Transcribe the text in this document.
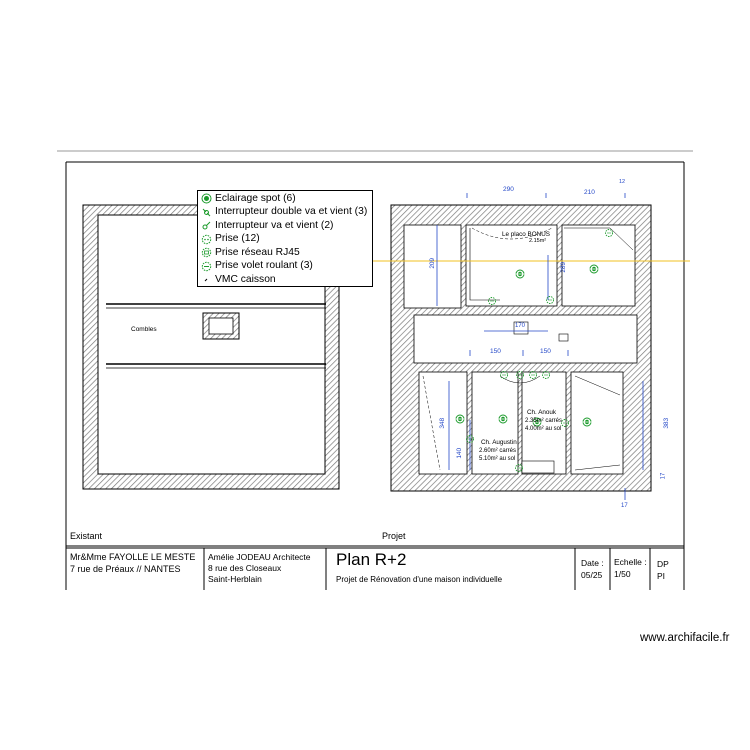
Eclairage spot (6)
Interrupteur double va et vient (3)
Interrupteur va et vient (2)
Prise (12)
Prise réseau RJ45
Prise volet roulant (3)
VMC caisson
Combles
Existant	Projet
290	210
12
209	289
170
150	150
348
140
383
17
17
Le placo BONUS
2.15m²
Ch. Anouk
2.35m² carrés
4.00m² au sol
Ch. Augustin
2.60m² carrés
5.10m² au sol
Mr&Mme FAYOLLE LE MESTE
7 rue de Préaux // NANTES
Amélie JODEAU Architecte
8 rue des Closeaux
Saint-Herblain
Plan R+2
Projet de Rénovation d'une maison individuelle
Date :
05/25
Echelle :
1/50
DP
PI
www.archifacile.fr
